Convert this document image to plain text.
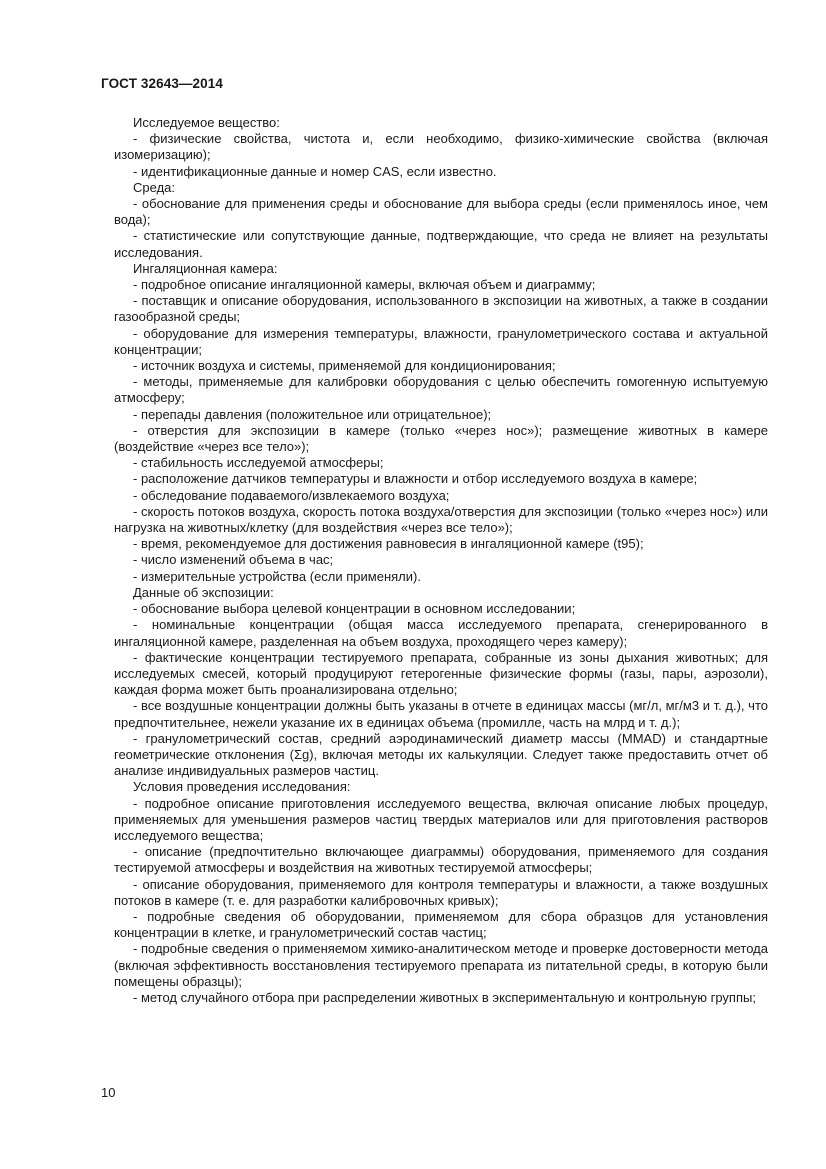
ГОСТ 32643—2014

Исследуемое вещество:

- физические свойства, чистота и, если необходимо, физико-химические свойства (включая изомеризацию);

- идентификационные данные и номер CAS, если известно.

Среда:

- обоснование для применения среды и обоснование для выбора среды (если применялось иное, чем вода);

- статистические или сопутствующие данные, подтверждающие, что среда не влияет на результаты исследования.

Ингаляционная камера:

- подробное описание ингаляционной камеры, включая объем и диаграмму;

- поставщик и описание оборудования, использованного в экспозиции на животных, а также в создании газообразной среды;

- оборудование для измерения температуры, влажности, гранулометрического состава и актуальной концентрации;

- источник воздуха и системы, применяемой для кондиционирования;

- методы, применяемые для калибровки оборудования с целью обеспечить гомогенную испытуемую атмосферу;

- перепады давления (положительное или отрицательное);

- отверстия для экспозиции в камере (только «через нос»); размещение животных в камере (воздействие «через все тело»);

- стабильность исследуемой атмосферы;

- расположение датчиков температуры и влажности и отбор исследуемого воздуха в камере;

- обследование подаваемого/извлекаемого воздуха;

- скорость потоков воздуха, скорость потока воздуха/отверстия для экспозиции (только «через нос») или нагрузка на животных/клетку (для воздействия «через все тело»);

- время, рекомендуемое для достижения равновесия в ингаляционной камере (t95);

- число изменений объема в час;

- измерительные устройства (если применяли).

Данные об экспозиции:

- обоснование выбора целевой концентрации в основном исследовании;

- номинальные концентрации (общая масса исследуемого препарата, сгенерированного в ингаляционной камере, разделенная на объем воздуха, проходящего через камеру);

- фактические концентрации тестируемого препарата, собранные из зоны дыхания животных; для исследуемых смесей, который продуцируют гетерогенные физические формы (газы, пары, аэрозоли), каждая форма может быть проанализирована отдельно;

- все воздушные концентрации должны быть указаны в отчете в единицах массы (мг/л, мг/м3 и т. д.), что предпочтительнее, нежели указание их в единицах объема (промилле, часть на млрд и т. д.);

- гранулометрический состав, средний аэродинамический диаметр массы (MMAD) и стандартные геометрические отклонения (Σg), включая методы их калькуляции. Следует также предоставить отчет об анализе индивидуальных размеров частиц.

Условия проведения исследования:

- подробное описание приготовления исследуемого вещества, включая описание любых процедур, применяемых для уменьшения размеров частиц твердых материалов или для приготовления растворов исследуемого вещества;

- описание (предпочтительно включающее диаграммы) оборудования, применяемого для создания тестируемой атмосферы и воздействия на животных тестируемой атмосферы;

- описание оборудования, применяемого для контроля температуры и влажности, а также воздушных потоков в камере (т. е. для разработки калибровочных кривых);

- подробные сведения об оборудовании, применяемом для сбора образцов для установления концентрации в клетке, и гранулометрический состав частиц;

- подробные сведения о применяемом химико-аналитическом методе и проверке достоверности метода (включая эффективность восстановления тестируемого препарата из питательной среды, в которую были помещены образцы);

- метод случайного отбора при распределении животных в экспериментальную и контрольную группы;

10
